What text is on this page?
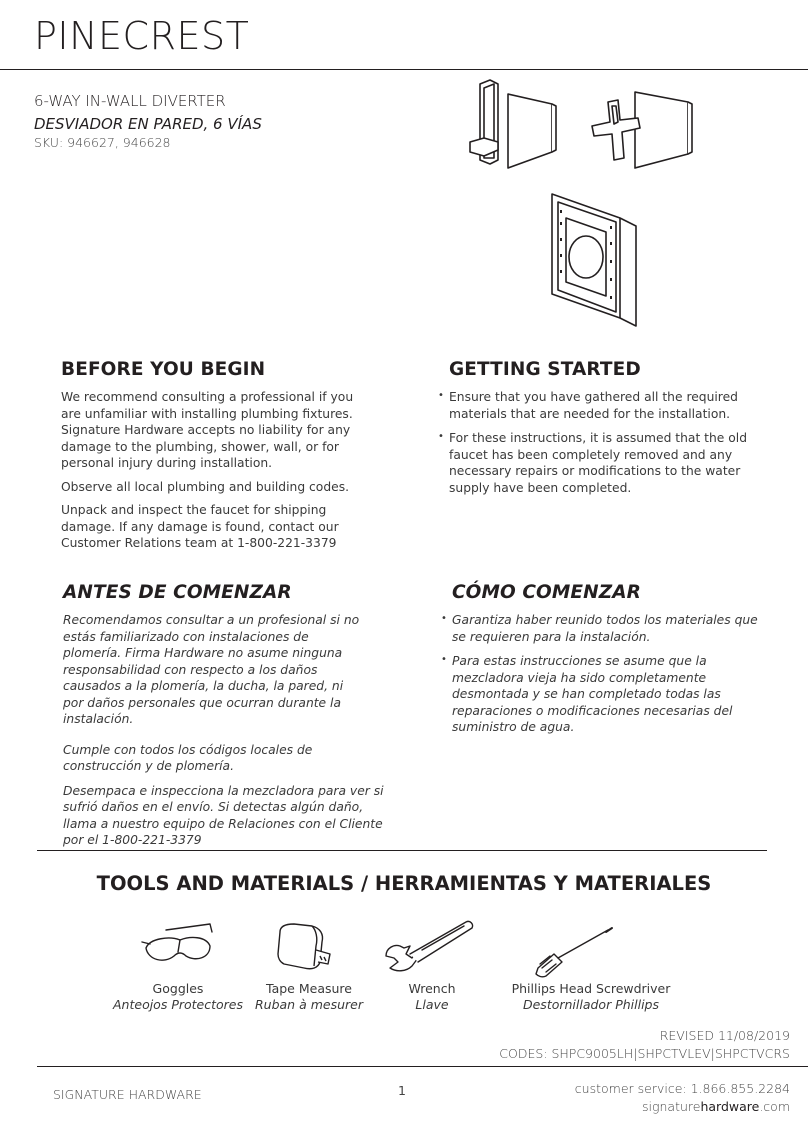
PINECREST
6-WAY IN-WALL DIVERTER
DESVIADOR EN PARED, 6 VÍAS
SKU: 946627, 946628
BEFORE YOU BEGIN

We recommend consulting a professional if you are unfamiliar with installing plumbing fixtures. Signature Hardware accepts no liability for any damage to the plumbing, shower, wall, or for personal injury during installation.

Observe all local plumbing and building codes.

Unpack and inspect the faucet for shipping damage. If any damage is found, contact our Customer Relations team at 1-800-221-3379

GETTING STARTED
• Ensure that you have gathered all the required materials that are needed for the installation.
• For these instructions, it is assumed that the old faucet has been completely removed and any necessary repairs or modifications to the water supply have been completed.
ANTES DE COMENZAR

Recomendamos consultar a un profesional si no estás familiarizado con instalaciones de plomería. Firma Hardware no asume ninguna responsabilidad con respecto a los daños causados a la plomería, la ducha, la pared, ni por daños personales que ocurran durante la instalación.

Cumple con todos los códigos locales de construcción y de plomería.

Desempaca e inspecciona la mezcladora para ver si sufrió daños en el envío. Si detectas algún daño, llama a nuestro equipo de Relaciones con el Cliente por el 1-800-221-3379

CÓMO COMENZAR
• Garantiza haber reunido todos los materiales que se requieren para la instalación.
• Para estas instrucciones se asume que la mezcladora vieja ha sido completamente desmontada y se han completado todas las reparaciones o modificaciones necesarias del suministro de agua.
TOOLS AND MATERIALS / HERRAMIENTAS Y MATERIALES
Goggles
Anteojos Protectores
Tape Measure
Ruban à mesurer
Wrench
Llave
Phillips Head Screwdriver
Destornillador Phillips
REVISED 11/08/2019
CODES: SHPC9005LH|SHPCTVLEV|SHPCTVCRS
SIGNATURE HARDWARE	1	customer service: 1.866.855.2284
signaturehardware.com
